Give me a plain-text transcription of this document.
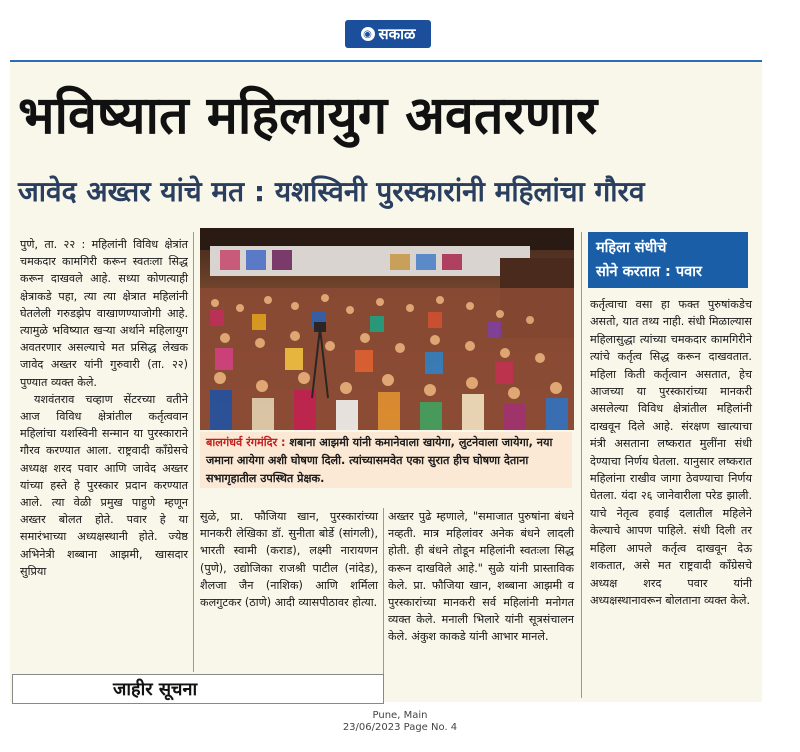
◉ सकाळ
भविष्यात महिलायुग अवतरणार
जावेद अख्तर यांचे मत : यशस्विनी पुरस्कारांनी महिलांचा गौरव

पुणे, ता. २२ : महिलांनी विविध क्षेत्रांत चमकदार कामगिरी करून स्वतःला सिद्ध करून दाखवले आहे. सध्या कोणत्याही क्षेत्राकडे पहा, त्या त्या क्षेत्रात महिलांनी घेतलेली गरुडझेप वाखाणण्याजोगी आहे. त्यामुळे भविष्यात खऱ्या अर्थाने महिलायुग अवतरणार असल्याचे मत प्रसिद्ध लेखक जावेद अख्तर यांनी गुरुवारी (ता. २२) पुण्यात व्यक्त केले.

यशवंतराव चव्हाण सेंटरच्या वतीने आज विविध क्षेत्रांतील कर्तृत्ववान महिलांचा यशस्विनी सन्मान या पुरस्काराने गौरव करण्यात आला. राष्ट्रवादी काँग्रेसचे अध्यक्ष शरद पवार आणि जावेद अख्तर यांच्या हस्ते हे पुरस्कार प्रदान करण्यात आले. त्या वेळी प्रमुख पाहुणे म्हणून अख्तर बोलत होते. पवार हे या समारंभाच्या अध्यक्षस्थानी होते. ज्येष्ठ अभिनेत्री शब्बाना आझमी, खासदार सुप्रिया

बालगंधर्व रंगमंदिर : शबाना आझमी यांनी कमानेवाला खायेगा, लुटनेवाला जायेगा, नया जमाना आयेगा अशी घोषणा दिली. त्यांच्यासमवेत एका सुरात हीच घोषणा देताना सभागृहातील उपस्थित प्रेक्षक.

सुळे, प्रा. फौजिया खान, पुरस्कारांच्या मानकरी लेखिका डॉ. सुनीता बोर्डे (सांगली), भारती स्वामी (कराड), लक्ष्मी नारायणन (पुणे), उद्योजिका राजश्री पाटील (नांदेड), शैलजा जैन (नाशिक) आणि शर्मिला कलगुटकर (ठाणे) आदी व्यासपीठावर होत्या.

अख्तर पुढे म्हणाले, "समाजात पुरुषांना बंधने नव्हती. मात्र महिलांवर अनेक बंधने लादली होती. ही बंधने तोडून महिलांनी स्वतःला सिद्ध करून दाखविले आहे." सुळे यांनी प्रास्ताविक केले. प्रा. फौजिया खान, शब्बाना आझमी व पुरस्कारांच्या मानकरी सर्व महिलांनी मनोगत व्यक्त केले. मनाली भिलारे यांनी सूत्रसंचालन केले. अंकुश काकडे यांनी आभार मानले.

महिला संधीचे
सोने करतात : पवार

कर्तृत्वाचा वसा हा फक्त पुरुषांकडेच असतो, यात तथ्य नाही. संधी मिळाल्यास महिलासुद्धा त्यांच्या चमकदार कामगिरीने त्यांचे कर्तृत्व सिद्ध करून दाखवतात. महिला किती कर्तृत्वान असतात, हेच आजच्या या पुरस्कारांच्या मानकरी असलेल्या विविध क्षेत्रांतील महिलांनी दाखवून दिले आहे. संरक्षण खात्याचा मंत्री असताना लष्करात मुलींना संधी देण्याचा निर्णय घेतला. यानुसार लष्करात महिलांना राखीव जागा ठेवण्याचा निर्णय घेतला. यंदा २६ जानेवारीला परेड झाली. याचे नेतृत्व हवाई दलातील महिलेने केल्याचे आपण पाहिले. संधी दिली तर महिला आपले कर्तृत्व दाखवून देऊ शकतात, असे मत राष्ट्रवादी काँग्रेसचे अध्यक्ष शरद पवार यांनी अध्यक्षस्थानावरून बोलताना व्यक्त केले.

जाहीर सूचना
Pune, Main
23/06/2023 Page No. 4
